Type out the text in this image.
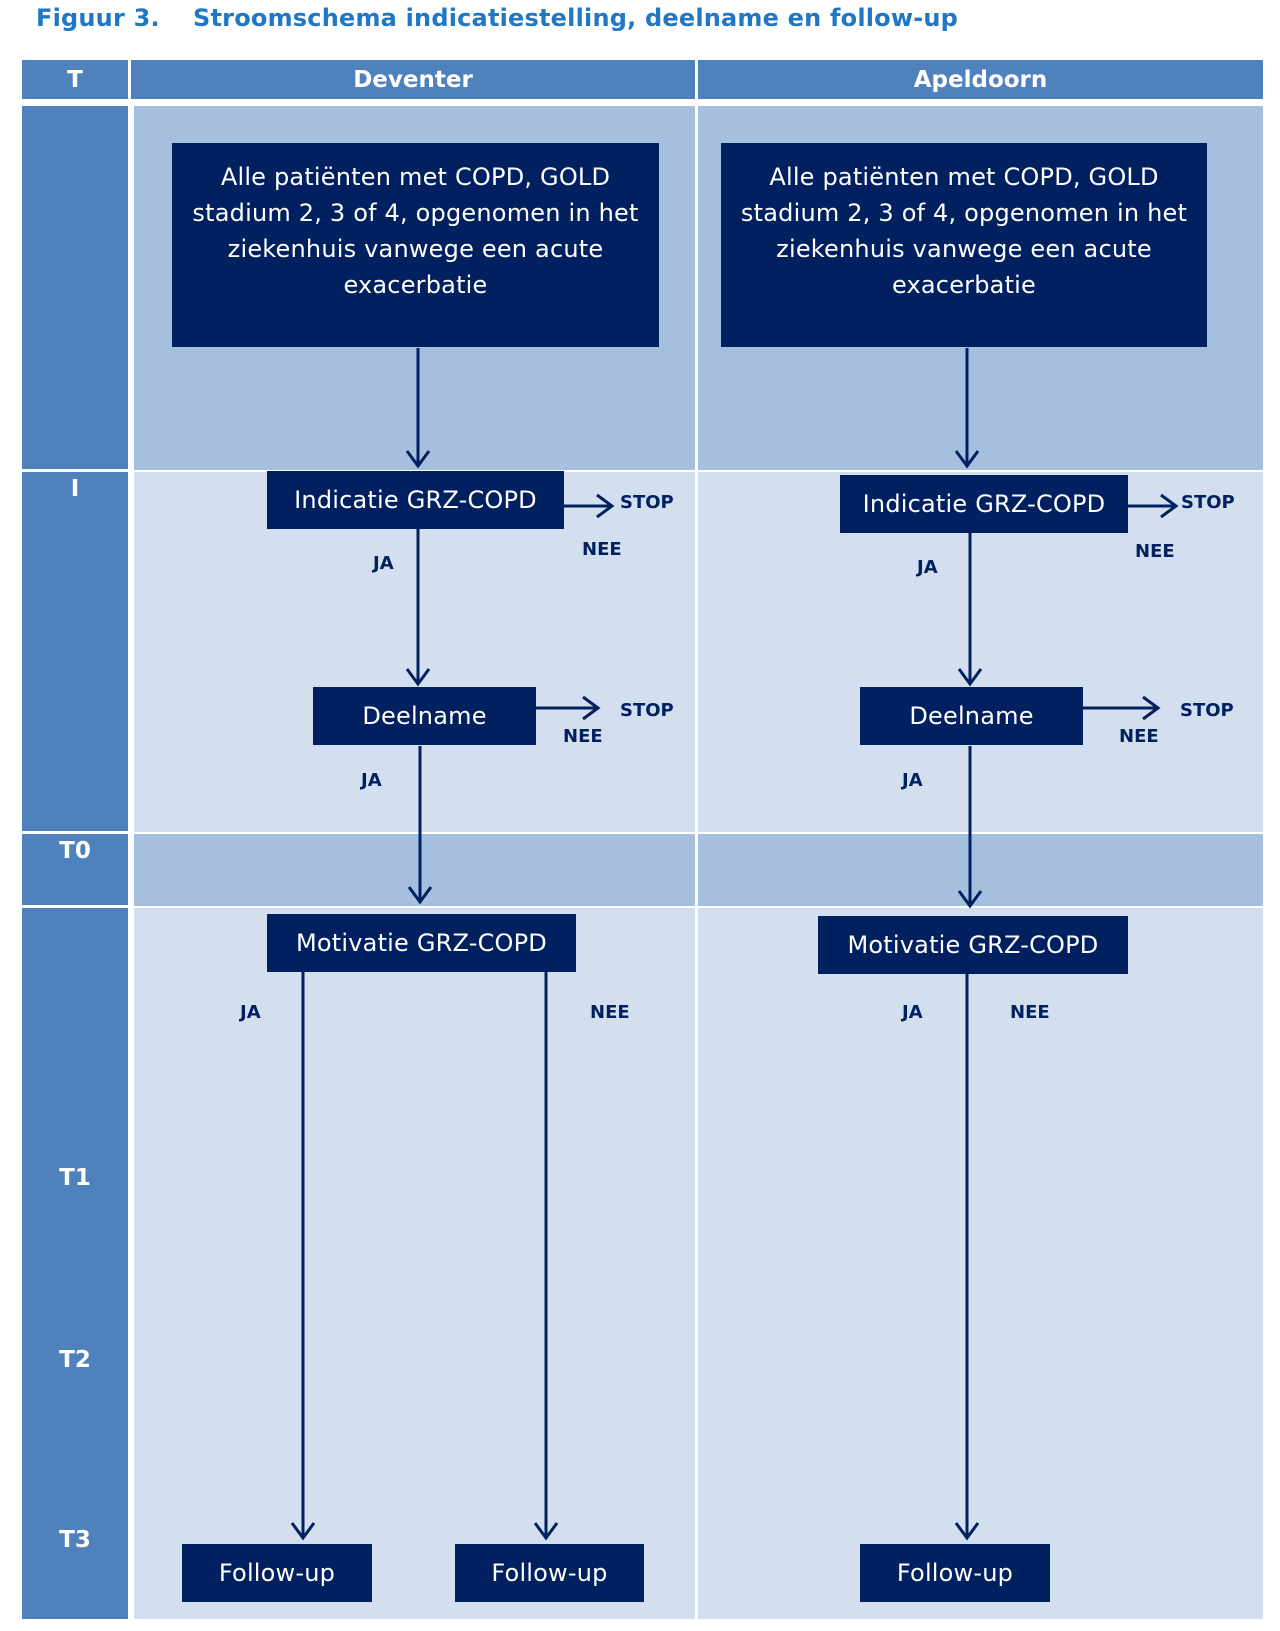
Figuur 3. Stroomschema indicatiestelling, deelname en follow-up
T	Deventer	Apeldoorn
I
T0
T1
T2
T3
Alle patiënten met COPD, GOLD stadium 2, 3 of 4, opgenomen in het ziekenhuis vanwege een acute exacerbatie
Indicatie GRZ-COPD
Deelname
Motivatie GRZ-COPD
Follow-up	Follow-up
STOP
NEE
JA
STOP
NEE
JA
JA	NEE
Alle patiënten met COPD, GOLD stadium 2, 3 of 4, opgenomen in het ziekenhuis vanwege een acute exacerbatie
Indicatie GRZ-COPD
Deelname
Motivatie GRZ-COPD
Follow-up
STOP
NEE
JA
STOP
NEE
JA
JA	NEE
